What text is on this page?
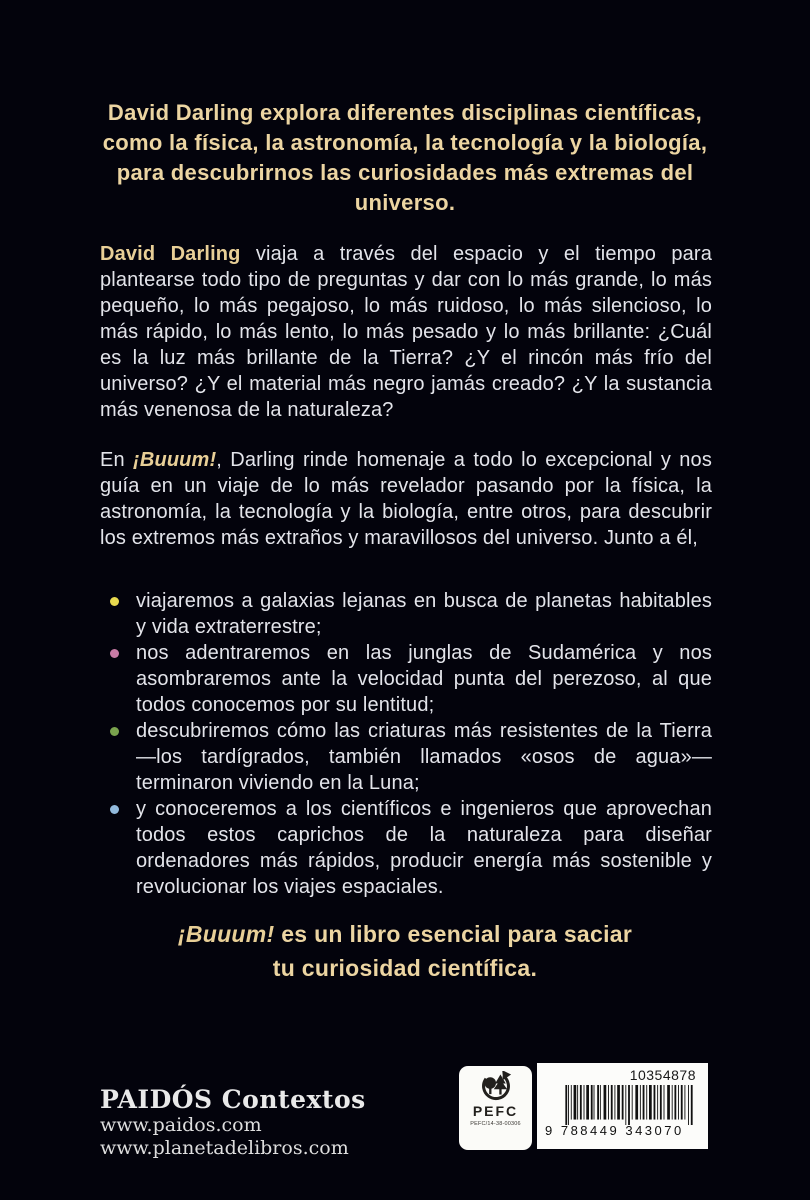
David Darling explora diferentes disciplinas científicas, como la física, la astronomía, la tecnología y la biología, para descubrirnos las curiosidades más extremas del universo.

David Darling viaja a través del espacio y el tiempo para plantearse todo tipo de preguntas y dar con lo más grande, lo más pequeño, lo más pegajoso, lo más ruidoso, lo más silencioso, lo más rápido, lo más lento, lo más pesado y lo más brillante: ¿Cuál es la luz más brillante de la Tierra? ¿Y el rincón más frío del universo? ¿Y el material más negro jamás creado? ¿Y la sustancia más venenosa de la naturaleza?

En ¡Buuum!, Darling rinde homenaje a todo lo excepcional y nos guía en un viaje de lo más revelador pasando por la física, la astronomía, la tecnología y la biología, entre otros, para descubrir los extremos más extraños y maravillosos del universo. Junto a él,

viajaremos a galaxias lejanas en busca de planetas habitables y vida extraterrestre;
nos adentraremos en las junglas de Sudamérica y nos asombraremos ante la velocidad punta del perezoso, al que todos conocemos por su lentitud;
descubriremos cómo las criaturas más resistentes de la Tierra —los tardígrados, también llamados «osos de agua»— terminaron viviendo en la Luna;
y conoceremos a los científicos e ingenieros que aprovechan todos estos caprichos de la naturaleza para diseñar ordenadores más rápidos, producir energía más sostenible y revolucionar los viajes espaciales.

¡Buuum! es un libro esencial para saciar tu curiosidad científica.

PAIDÓS Contextos
www.paidos.com
www.planetadelibros.com
PEFC
PEFC/14-38-00306
10354878
9 788449 343070
